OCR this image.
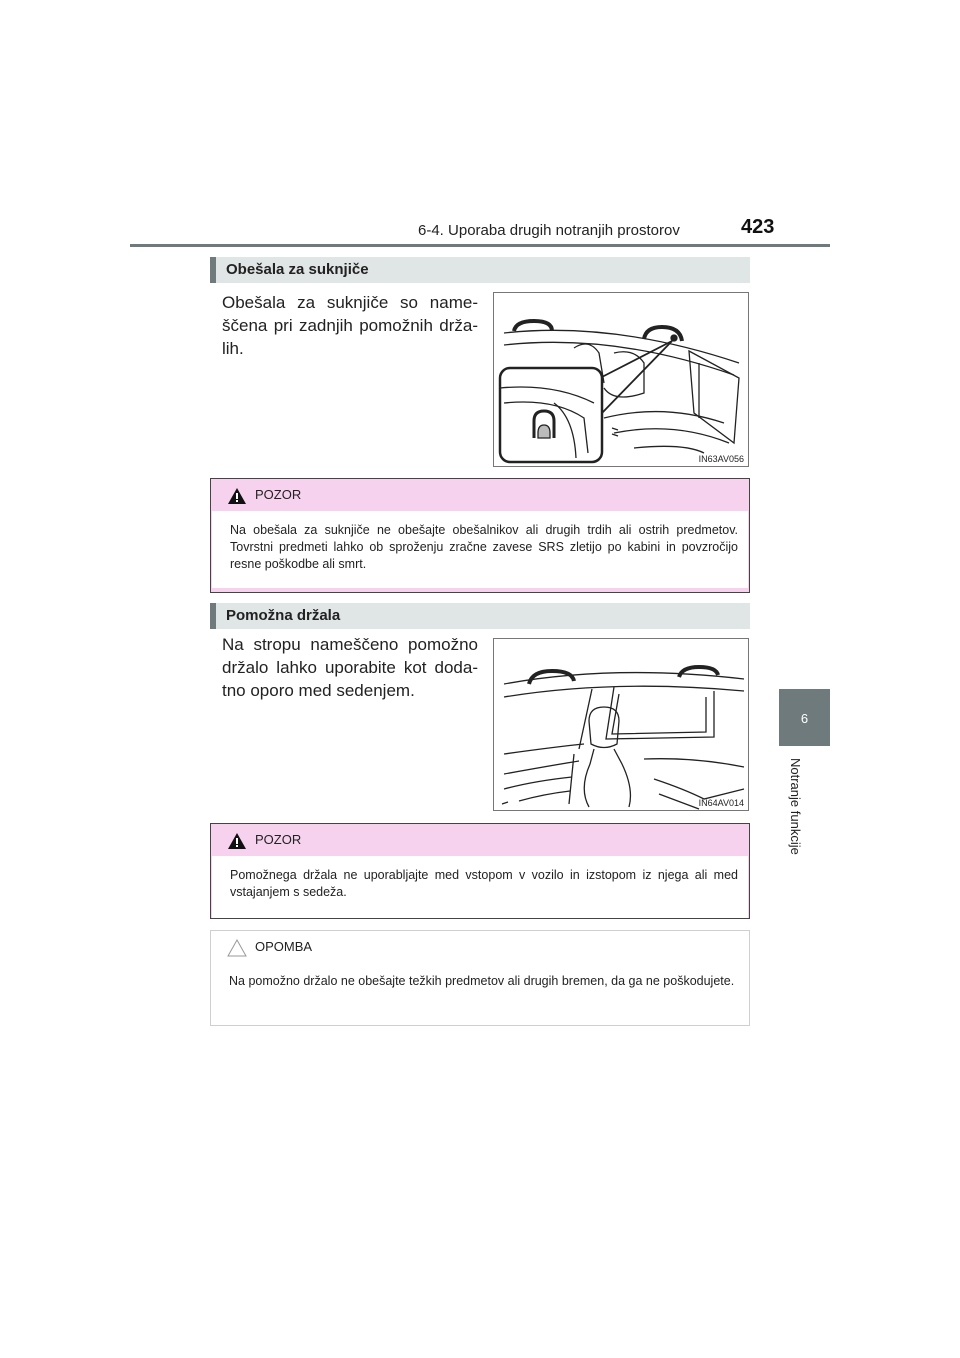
6-4. Uporaba drugih notranjih prostorov	423
6
Notranje funkcije
Obešala za suknjiče
Obešala za suknjiče so name-
ščena pri zadnjih pomožnih drža-
lih.
IN63AV056
POZOR
Na obešala za suknjiče ne obešajte obešalnikov ali drugih trdih ali ostrih predmetov. Tovrstni predmeti lahko ob sproženju zračne zavese SRS zletijo po kabini in povzročijo resne poškodbe ali smrt.
Pomožna držala
Na stropu nameščeno pomožno
držalo lahko uporabite kot doda-
tno oporo med sedenjem.
IN64AV014
POZOR
Pomožnega držala ne uporabljajte med vstopom v vozilo in izstopom iz njega ali med vstajanjem s sedeža.
OPOMBA
Na pomožno držalo ne obešajte težkih predmetov ali drugih bremen, da ga ne poškodujete.
